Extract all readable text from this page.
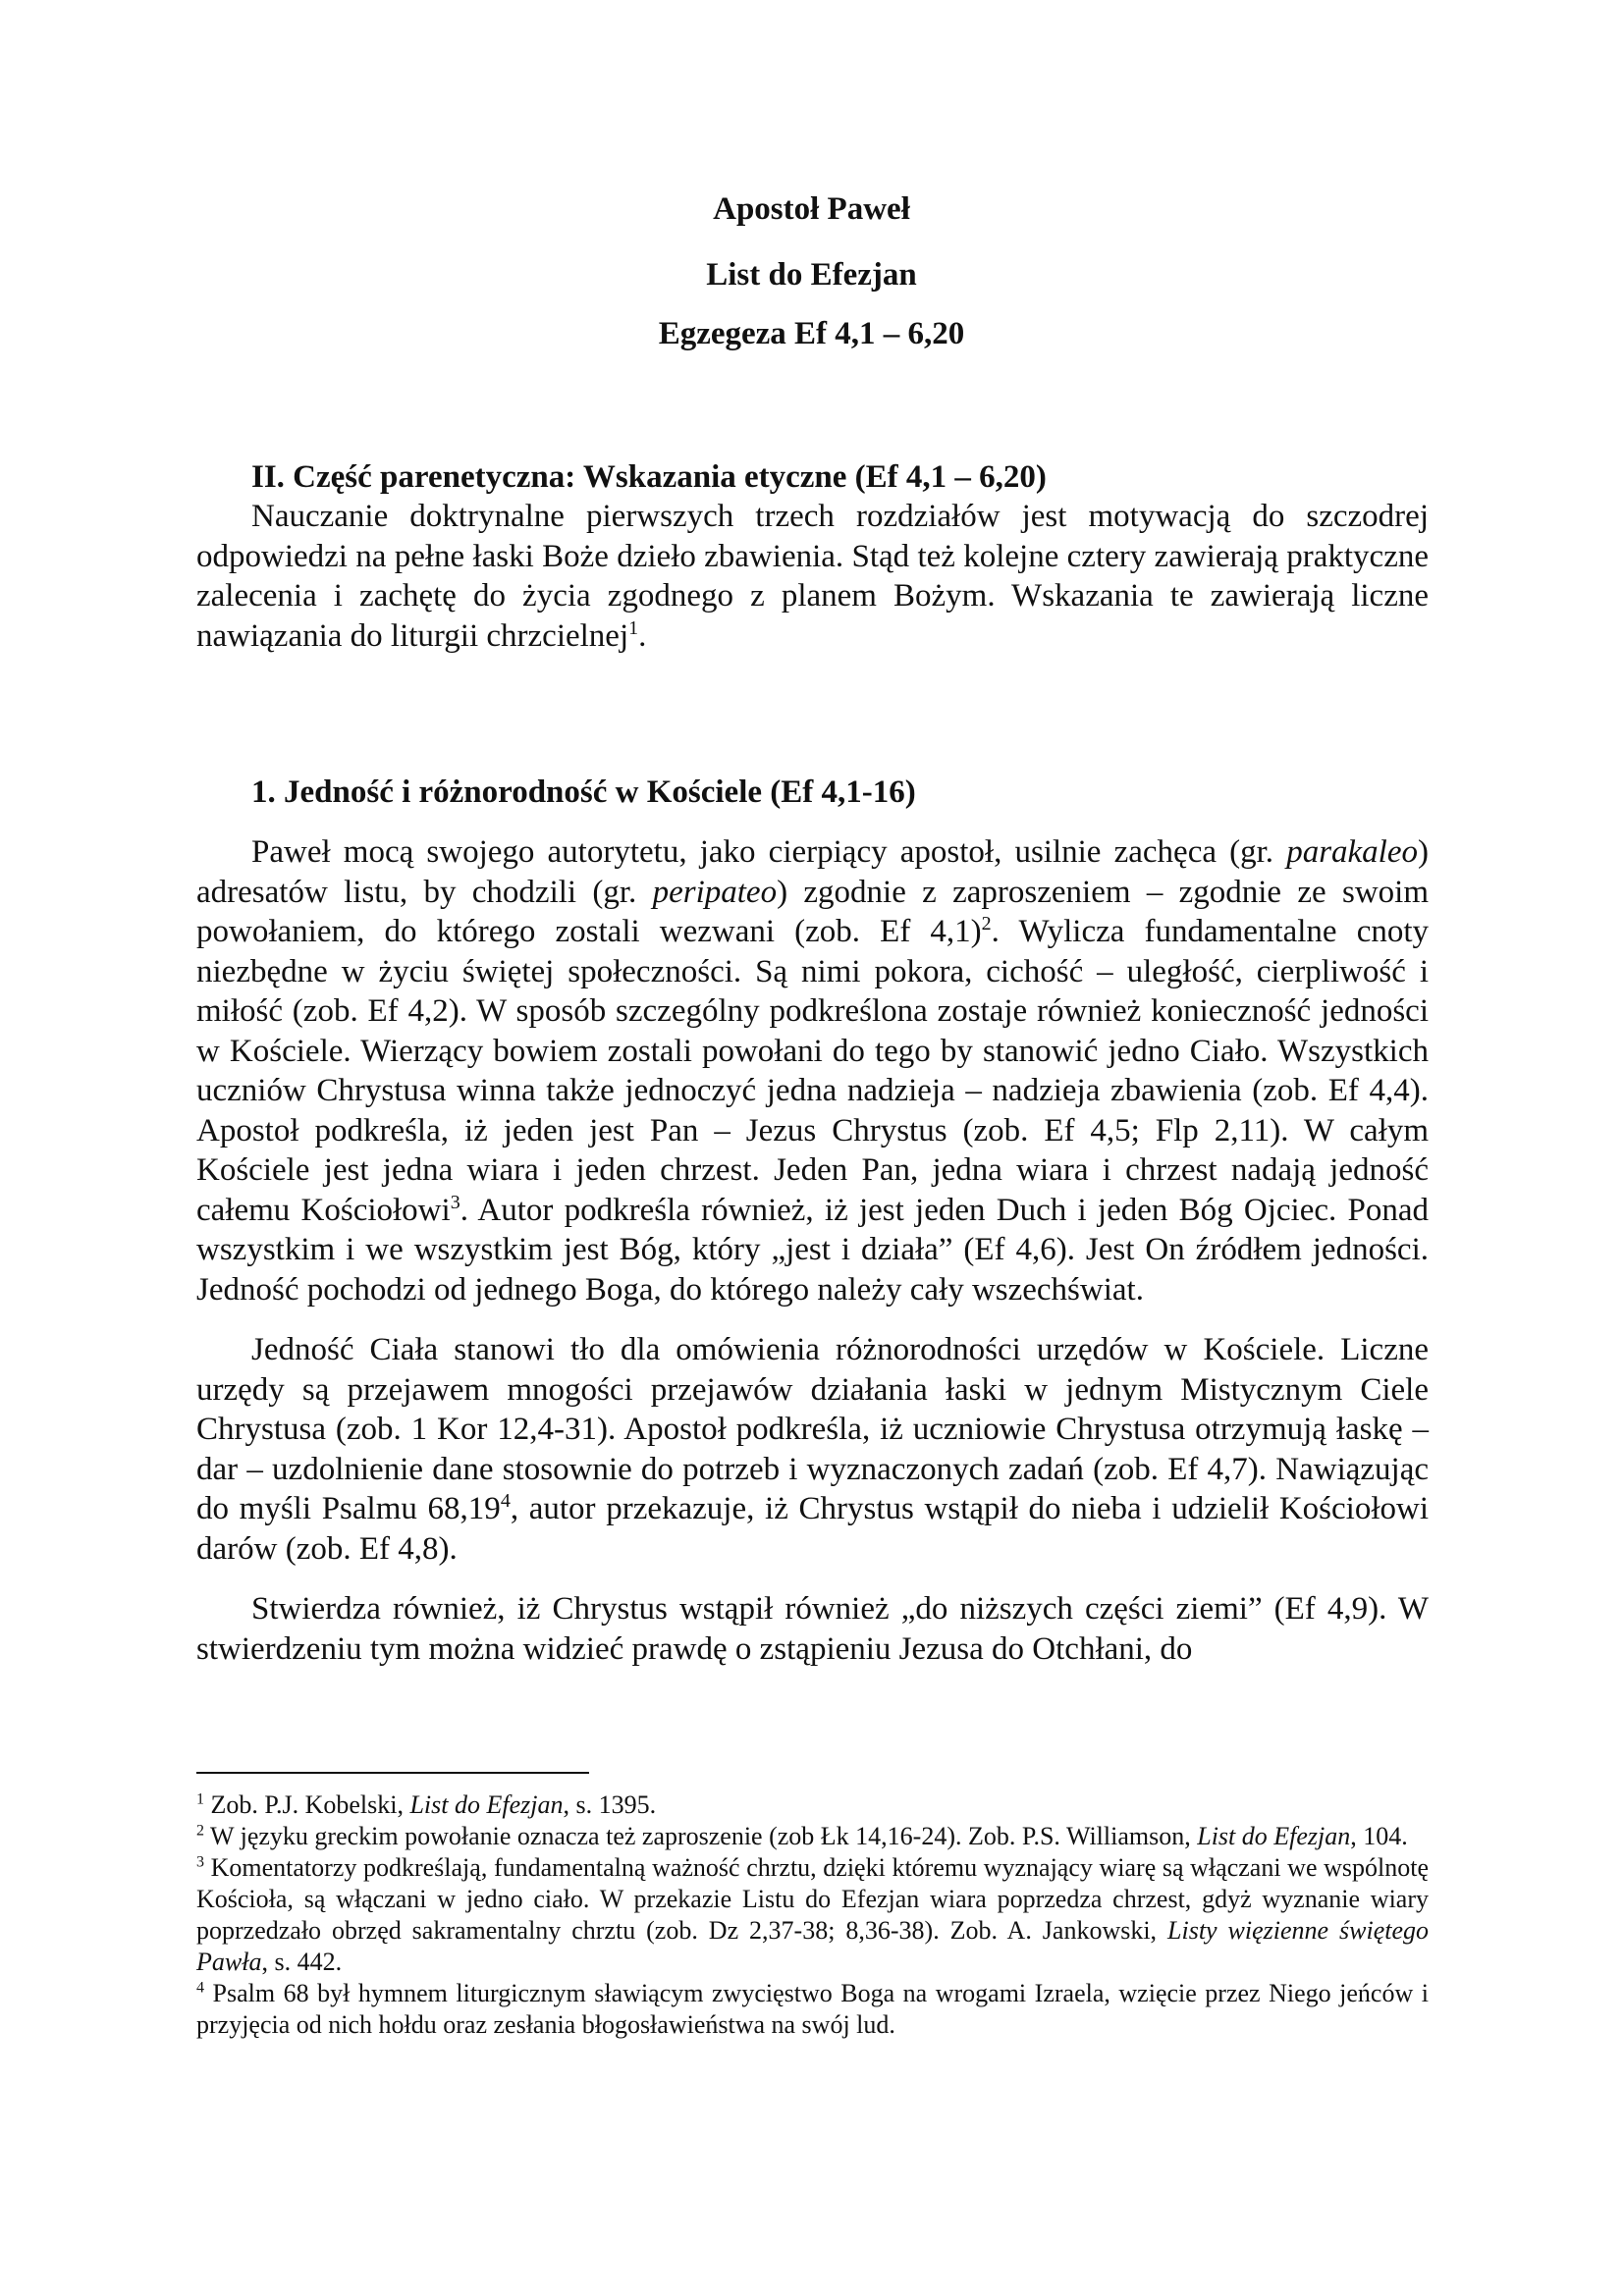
Apostoł Paweł
List do Efezjan
Egzegeza Ef 4,1 – 6,20
II. Część parenetyczna: Wskazania etyczne (Ef 4,1 – 6,20)

Nauczanie doktrynalne pierwszych trzech rozdziałów jest motywacją do szczodrej odpowiedzi na pełne łaski Boże dzieło zbawienia. Stąd też kolejne cztery zawierają praktyczne zalecenia i zachętę do życia zgodnego z planem Bożym. Wskazania te zawierają liczne nawiązania do liturgii chrzcielnej$^1$.

1. Jedność i różnorodność w Kościele (Ef 4,1-16)

Paweł mocą swojego autorytetu, jako cierpiący apostoł, usilnie zachęca (gr. parakaleo) adresatów listu, by chodzili (gr. peripateo) zgodnie z zaproszeniem – zgodnie ze swoim powołaniem, do którego zostali wezwani (zob. Ef 4,1)$^2$. Wylicza fundamentalne cnoty niezbędne w życiu świętej społeczności. Są nimi pokora, cichość – uległość, cierpliwość i miłość (zob. Ef 4,2). W sposób szczególny podkreślona zostaje również konieczność jedności w Kościele. Wierzący bowiem zostali powołani do tego by stanowić jedno Ciało. Wszystkich uczniów Chrystusa winna także jednoczyć jedna nadzieja – nadzieja zbawienia (zob. Ef 4,4). Apostoł podkreśla, iż jeden jest Pan – Jezus Chrystus (zob. Ef 4,5; Flp 2,11). W całym Kościele jest jedna wiara i jeden chrzest. Jeden Pan, jedna wiara i chrzest nadają jedność całemu Kościołowi$^3$. Autor podkreśla również, iż jest jeden Duch i jeden Bóg Ojciec. Ponad wszystkim i we wszystkim jest Bóg, który „jest i działa” (Ef 4,6). Jest On źródłem jedności. Jedność pochodzi od jednego Boga, do którego należy cały wszechświat.

Jedność Ciała stanowi tło dla omówienia różnorodności urzędów w Kościele. Liczne urzędy są przejawem mnogości przejawów działania łaski w jednym Mistycznym Ciele Chrystusa (zob. 1 Kor 12,4-31). Apostoł podkreśla, iż uczniowie Chrystusa otrzymują łaskę – dar – uzdolnienie dane stosownie do potrzeb i wyznaczonych zadań (zob. Ef 4,7). Nawiązując do myśli Psalmu 68,19$^4$, autor przekazuje, iż Chrystus wstąpił do nieba i udzielił Kościołowi darów (zob. Ef 4,8).

Stwierdza również, iż Chrystus wstąpił również „do niższych części ziemi” (Ef 4,9). W stwierdzeniu tym można widzieć prawdę o zstąpieniu Jezusa do Otchłani, do

$^1$ Zob. P.J. Kobelski, List do Efezjan, s. 1395.

$^2$ W języku greckim powołanie oznacza też zaproszenie (zob Łk 14,16-24). Zob. P.S. Williamson, List do Efezjan, 104.

$^3$ Komentatorzy podkreślają, fundamentalną ważność chrztu, dzięki któremu wyznający wiarę są włączani we wspólnotę Kościoła, są włączani w jedno ciało. W przekazie Listu do Efezjan wiara poprzedza chrzest, gdyż wyznanie wiary poprzedzało obrzęd sakramentalny chrztu (zob. Dz 2,37-38; 8,36-38). Zob. A. Jankowski, Listy więzienne świętego Pawła, s. 442.

$^4$ Psalm 68 był hymnem liturgicznym sławiącym zwycięstwo Boga na wrogami Izraela, wzięcie przez Niego jeńców i przyjęcia od nich hołdu oraz zesłania błogosławieństwa na swój lud.
